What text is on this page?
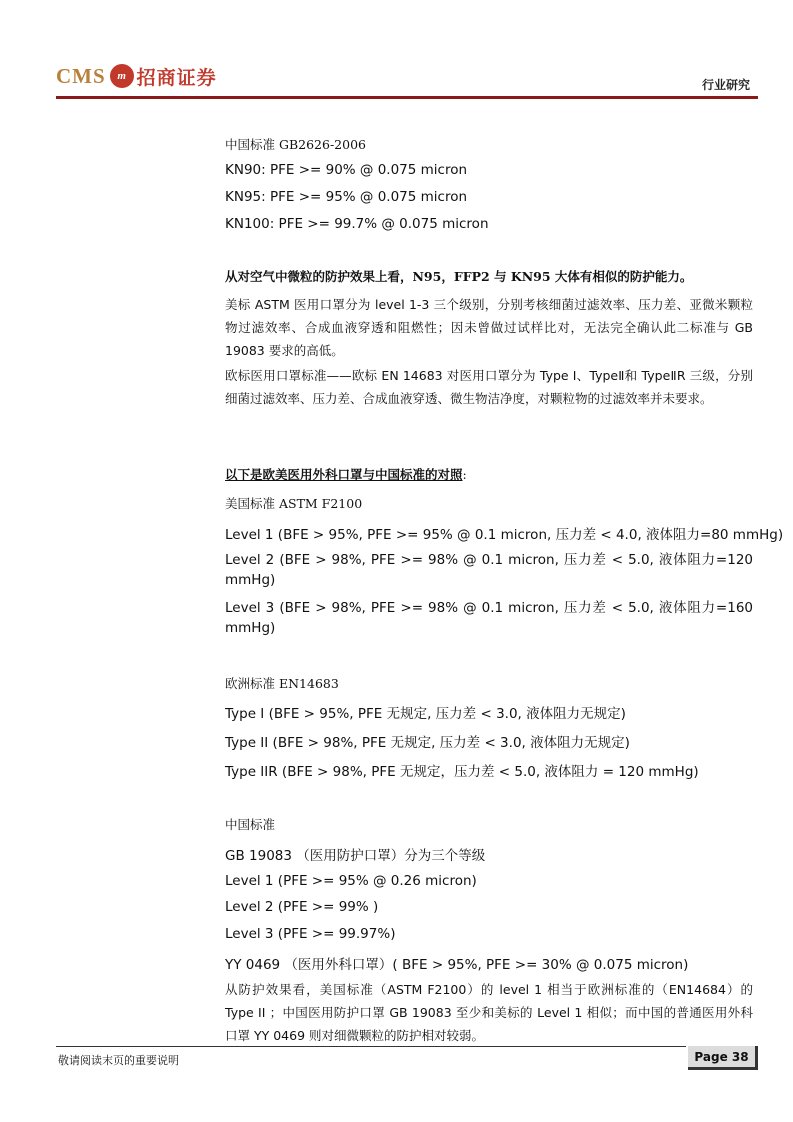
CMS	m 招商证券	行业研究

中国标准 GB2626-2006

KN90: PFE >= 90% @ 0.075 micron

KN95: PFE >= 95% @ 0.075 micron

KN100: PFE >= 99.7% @ 0.075 micron

从对空气中微粒的防护效果上看，N95，FFP2 与 KN95 大体有相似的防护能力。

美标 ASTM 医用口罩分为 level 1-3 三个级别，分别考核细菌过滤效率、压力差、亚微米颗粒物过滤效率、合成血液穿透和阻燃性；因未曾做过试样比对，无法完全确认此二标准与 GB 19083 要求的高低。

欧标医用口罩标准——欧标 EN 14683 对医用口罩分为 Type Ⅰ、TypeⅡ和 TypeⅡR 三级，分别细菌过滤效率、压力差、合成血液穿透、微生物洁净度，对颗粒物的过滤效率并未要求。

以下是欧美医用外科口罩与中国标准的对照:

美国标准 ASTM F2100

Level 1 (BFE > 95%, PFE >= 95% @ 0.1 micron, 压力差 < 4.0, 液体阻力=80 mmHg)

Level 2 (BFE > 98%, PFE >= 98% @ 0.1 micron, 压力差 < 5.0, 液体阻力=120 mmHg)

Level 3 (BFE > 98%, PFE >= 98% @ 0.1 micron, 压力差 < 5.0, 液体阻力=160 mmHg)

欧洲标准 EN14683

Type I (BFE > 95%, PFE 无规定, 压力差 < 3.0, 液体阻力无规定)

Type II (BFE > 98%, PFE 无规定, 压力差 < 3.0, 液体阻力无规定)

Type IIR (BFE > 98%, PFE 无规定，压力差 < 5.0, 液体阻力 = 120 mmHg)

中国标准

GB 19083 （医用防护口罩）分为三个等级

Level 1 (PFE >= 95% @ 0.26 micron)

Level 2 (PFE >= 99% )

Level 3 (PFE >= 99.97%)

YY 0469 （医用外科口罩）( BFE > 95%, PFE >= 30% @ 0.075 micron)

从防护效果看，美国标准（ASTM F2100）的 level 1 相当于欧洲标准的（EN14684）的 Type II ；中国医用防护口罩 GB 19083 至少和美标的 Level 1 相似；而中国的普通医用外科口罩 YY 0469 则对细微颗粒的防护相对较弱。

敬请阅读末页的重要说明	Page 38
